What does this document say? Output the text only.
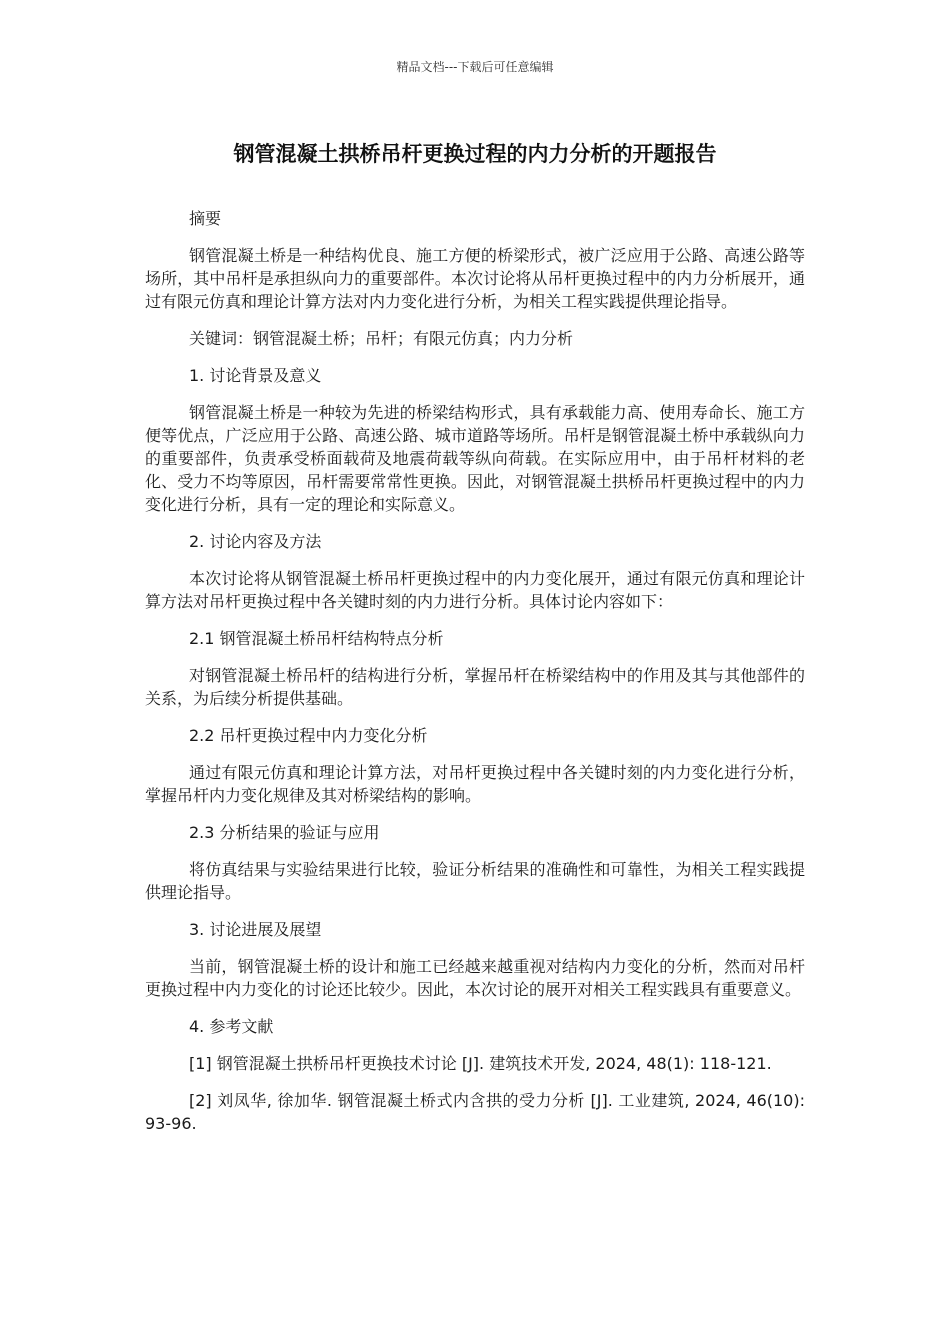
精品文档---下载后可任意编辑
钢管混凝土拱桥吊杆更换过程的内力分析的开题报告

摘要

钢管混凝土桥是一种结构优良、施工方便的桥梁形式，被广泛应用于公路、高速公路等场所，其中吊杆是承担纵向力的重要部件。本次讨论将从吊杆更换过程中的内力分析展开，通过有限元仿真和理论计算方法对内力变化进行分析，为相关工程实践提供理论指导。

关键词：钢管混凝土桥；吊杆；有限元仿真；内力分析

1. 讨论背景及意义

钢管混凝土桥是一种较为先进的桥梁结构形式，具有承载能力高、使用寿命长、施工方便等优点，广泛应用于公路、高速公路、城市道路等场所。吊杆是钢管混凝土桥中承载纵向力的重要部件，负责承受桥面载荷及地震荷载等纵向荷载。在实际应用中，由于吊杆材料的老化、受力不均等原因，吊杆需要常常性更换。因此，对钢管混凝土拱桥吊杆更换过程中的内力变化进行分析，具有一定的理论和实际意义。

2. 讨论内容及方法

本次讨论将从钢管混凝土桥吊杆更换过程中的内力变化展开，通过有限元仿真和理论计算方法对吊杆更换过程中各关键时刻的内力进行分析。具体讨论内容如下：

2.1 钢管混凝土桥吊杆结构特点分析

对钢管混凝土桥吊杆的结构进行分析，掌握吊杆在桥梁结构中的作用及其与其他部件的关系，为后续分析提供基础。

2.2 吊杆更换过程中内力变化分析

通过有限元仿真和理论计算方法，对吊杆更换过程中各关键时刻的内力变化进行分析，掌握吊杆内力变化规律及其对桥梁结构的影响。

2.3 分析结果的验证与应用

将仿真结果与实验结果进行比较，验证分析结果的准确性和可靠性，为相关工程实践提供理论指导。

3. 讨论进展及展望

当前，钢管混凝土桥的设计和施工已经越来越重视对结构内力变化的分析，然而对吊杆更换过程中内力变化的讨论还比较少。因此，本次讨论的展开对相关工程实践具有重要意义。

4. 参考文献

[1] 钢管混凝土拱桥吊杆更换技术讨论 [J]. 建筑技术开发, 2024, 48(1): 118-121.

[2] 刘凤华, 徐加华. 钢管混凝土桥式内含拱的受力分析 [J]. 工业建筑, 2024, 46(10): 93-96.
